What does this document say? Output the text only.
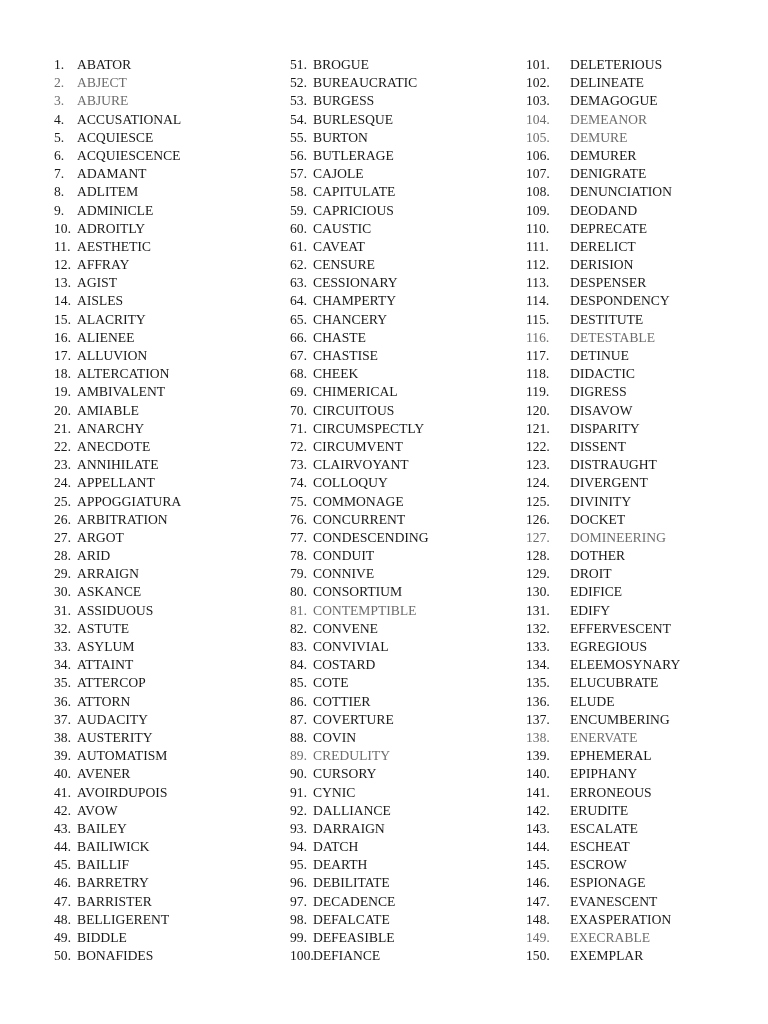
1. ABATOR
2. ABJECT
3. ABJURE
4. ACCUSATIONAL
5. ACQUIESCE
6. ACQUIESCENCE
7. ADAMANT
8. ADLITEM
9. ADMINICLE
10. ADROITLY
11. AESTHETIC
12. AFFRAY
13. AGIST
14. AISLES
15. ALACRITY
16. ALIENEE
17. ALLUVION
18. ALTERCATION
19. AMBIVALENT
20. AMIABLE
21. ANARCHY
22. ANECDOTE
23. ANNIHILATE
24. APPELLANT
25. APPOGGIATURA
26. ARBITRATION
27. ARGOT
28. ARID
29. ARRAIGN
30. ASKANCE
31. ASSIDUOUS
32. ASTUTE
33. ASYLUM
34. ATTAINT
35. ATTERCOP
36. ATTORN
37. AUDACITY
38. AUSTERITY
39. AUTOMATISM
40. AVENER
41. AVOIRDUPOIS
42. AVOW
43. BAILEY
44. BAILIWICK
45. BAILLIF
46. BARRETRY
47. BARRISTER
48. BELLIGERENT
49. BIDDLE
50. BONAFIDES
51. BROGUE
52. BUREAUCRATIC
53. BURGESS
54. BURLESQUE
55. BURTON
56. BUTLERAGE
57. CAJOLE
58. CAPITULATE
59. CAPRICIOUS
60. CAUSTIC
61. CAVEAT
62. CENSURE
63. CESSIONARY
64. CHAMPERTY
65. CHANCERY
66. CHASTE
67. CHASTISE
68. CHEEK
69. CHIMERICAL
70. CIRCUITOUS
71. CIRCUMSPECTLY
72. CIRCUMVENT
73. CLAIRVOYANT
74. COLLOQUY
75. COMMONAGE
76. CONCURRENT
77. CONDESCENDING
78. CONDUIT
79. CONNIVE
80. CONSORTIUM
81. CONTEMPTIBLE
82. CONVENE
83. CONVIVIAL
84. COSTARD
85. COTE
86. COTTIER
87. COVERTURE
88. COVIN
89. CREDULITY
90. CURSORY
91. CYNIC
92. DALLIANCE
93. DARRAIGN
94. DATCH
95. DEARTH
96. DEBILITATE
97. DECADENCE
98. DEFALCATE
99. DEFEASIBLE
100. DEFIANCE
101.	DELETERIOUS
102.	DELINEATE
103.	DEMAGOGUE
104.	DEMEANOR
105.	DEMURE
106.	DEMURER
107.	DENIGRATE
108.	DENUNCIATION
109.	DEODAND
110.	DEPRECATE
111.	DERELICT
112.	DERISION
113.	DESPENSER
114.	DESPONDENCY
115.	DESTITUTE
116.	DETESTABLE
117.	DETINUE
118.	DIDACTIC
119.	DIGRESS
120.	DISAVOW
121.	DISPARITY
122.	DISSENT
123.	DISTRAUGHT
124.	DIVERGENT
125.	DIVINITY
126.	DOCKET
127.	DOMINEERING
128.	DOTHER
129.	DROIT
130.	EDIFICE
131.	EDIFY
132.	EFFERVESCENT
133.	EGREGIOUS
134.	ELEEMOSYNARY
135.	ELUCUBRATE
136.	ELUDE
137.	ENCUMBERING
138.	ENERVATE
139.	EPHEMERAL
140.	EPIPHANY
141.	ERRONEOUS
142.	ERUDITE
143.	ESCALATE
144.	ESCHEAT
145.	ESCROW
146.	ESPIONAGE
147.	EVANESCENT
148.	EXASPERATION
149.	EXECRABLE
150.	EXEMPLAR
